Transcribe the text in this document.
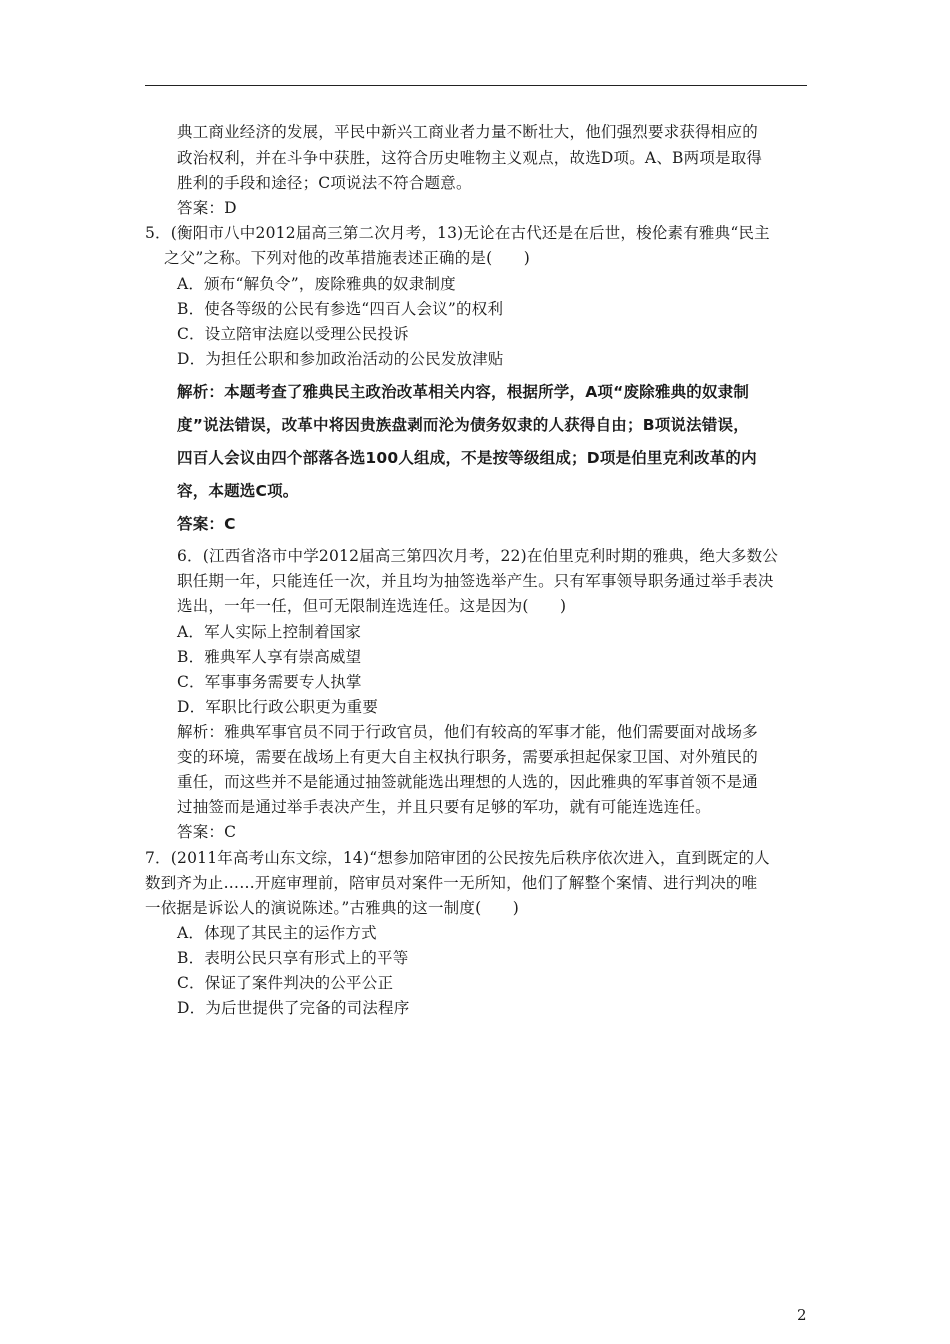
典工商业经济的发展，平民中新兴工商业者力量不断壮大，他们强烈要求获得相应的
政治权利，并在斗争中获胜，这符合历史唯物主义观点，故选D项。A、B两项是取得
胜利的手段和途径；C项说法不符合题意。
答案：D
5．(衡阳市八中2012届高三第二次月考，13)无论在古代还是在后世，梭伦素有雅典“民主
之父”之称。下列对他的改革措施表述正确的是(　　)
A．颁布“解负令”，废除雅典的奴隶制度
B．使各等级的公民有参选“四百人会议”的权利
C．设立陪审法庭以受理公民投诉
D．为担任公职和参加政治活动的公民发放津贴
解析：本题考查了雅典民主政治改革相关内容，根据所学，A项“废除雅典的奴隶制
度”说法错误，改革中将因贵族盘剥而沦为债务奴隶的人获得自由；B项说法错误，
四百人会议由四个部落各选100人组成，不是按等级组成；D项是伯里克利改革的内
容，本题选C项。
答案：C
6．(江西省洛市中学2012届高三第四次月考，22)在伯里克利时期的雅典，绝大多数公
职任期一年，只能连任一次，并且均为抽签选举产生。只有军事领导职务通过举手表决
选出，一年一任，但可无限制连选连任。这是因为(　　)
A．军人实际上控制着国家
B．雅典军人享有崇高威望
C．军事事务需要专人执掌
D．军职比行政公职更为重要
解析：雅典军事官员不同于行政官员，他们有较高的军事才能，他们需要面对战场多
变的环境，需要在战场上有更大自主权执行职务，需要承担起保家卫国、对外殖民的
重任，而这些并不是能通过抽签就能选出理想的人选的，因此雅典的军事首领不是通
过抽签而是通过举手表决产生，并且只要有足够的军功，就有可能连选连任。
答案：C
7．(2011年高考山东文综，14)“想参加陪审团的公民按先后秩序依次进入，直到既定的人
数到齐为止……开庭审理前，陪审员对案件一无所知，他们了解整个案情、进行判决的唯
一依据是诉讼人的演说陈述。”古雅典的这一制度(　　)
A．体现了其民主的运作方式
B．表明公民只享有形式上的平等
C．保证了案件判决的公平公正
D．为后世提供了完备的司法程序
2
